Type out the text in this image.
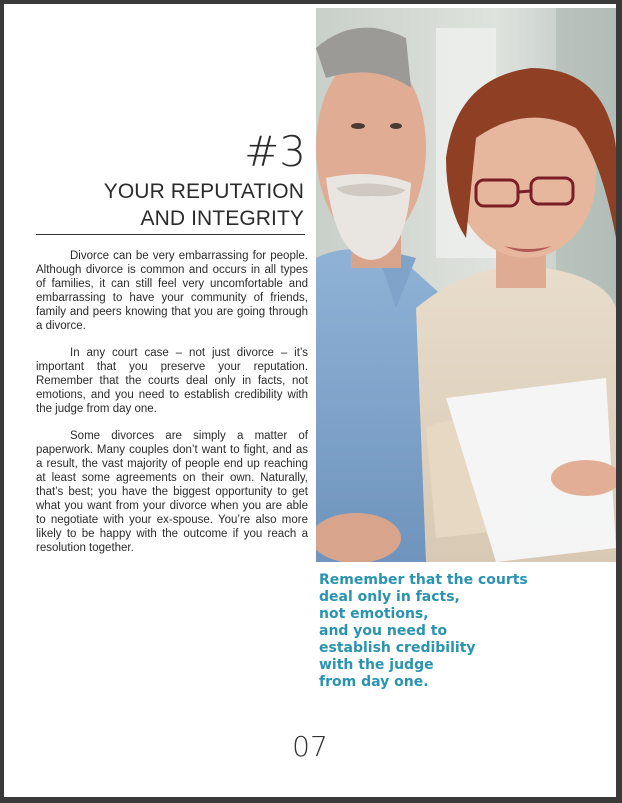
#3
YOUR REPUTATION
AND INTEGRITY

Divorce can be very embarrassing for people. Although divorce is common and occurs in all types of families, it can still feel very uncomfortable and embarrassing to have your community of friends, family and peers knowing that you are going through a divorce.

In any court case – not just divorce – it’s important that you preserve your reputation. Remember that the courts deal only in facts, not emotions, and you need to establish credibility with the judge from day one.

Some divorces are simply a matter of paperwork. Many couples don’t want to fight, and as a result, the vast majority of people end up reaching at least some agreements on their own. Naturally, that’s best; you have the biggest opportunity to get what you want from your divorce when you are able to negotiate with your ex-spouse. You’re also more likely to be happy with the outcome if you reach a resolution together.

Remember that the courts
deal only in facts,
not emotions,
and you need to
establish credibility
with the judge
from day one.
07
